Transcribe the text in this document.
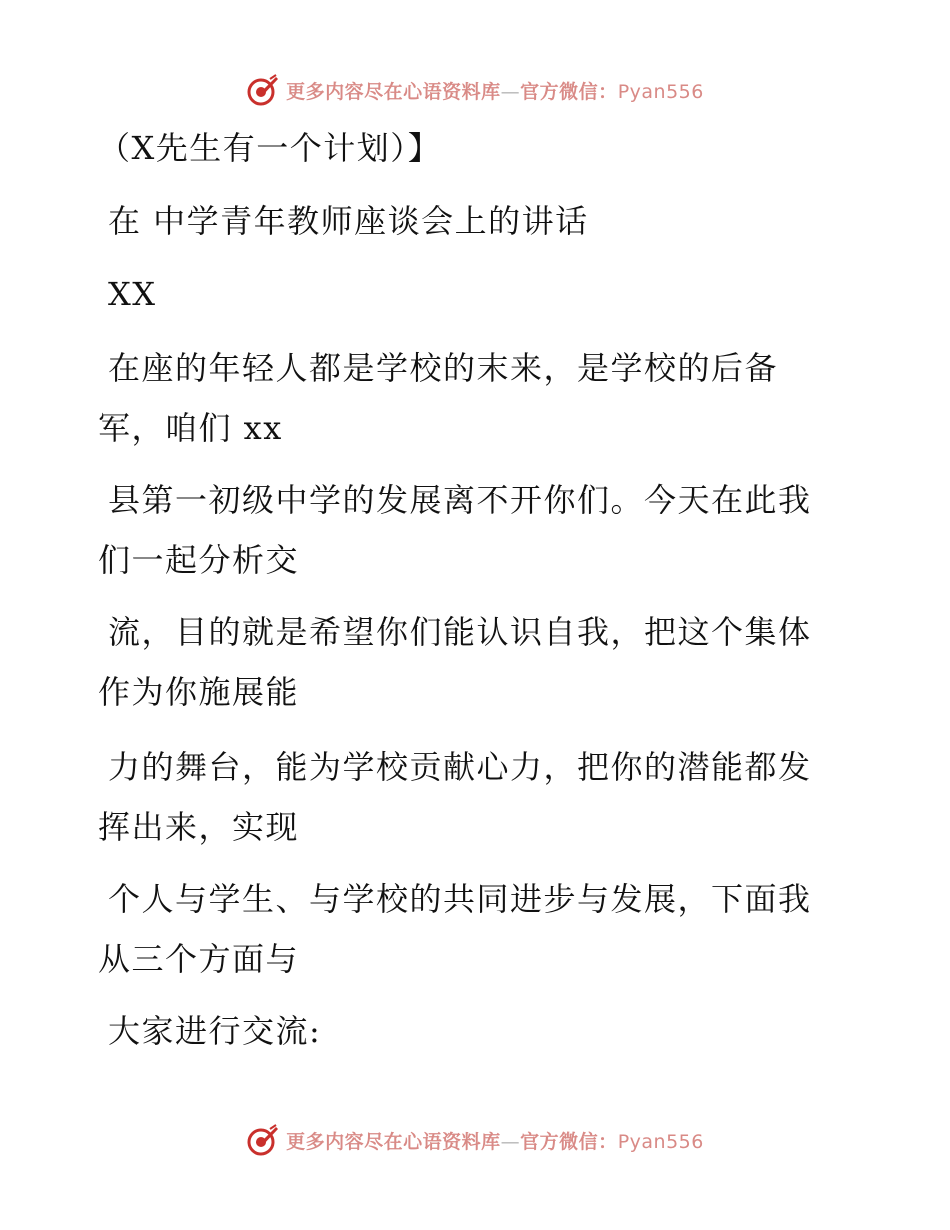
更多内容尽在心语资料库—官方微信：Pyan556
（X先生有一个计划）】
在 中学青年教师座谈会上的讲话
XX
在座的年轻人都是学校的末来，是学校的后备
军，咱们 xx
县第一初级中学的发展离不开你们。今天在此我
们一起分析交
流，目的就是希望你们能认识自我，把这个集体
作为你施展能
力的舞台，能为学校贡献心力，把你的潜能都发
挥出来，实现
个人与学生、与学校的共同进步与发展，下面我
从三个方面与
大家进行交流:
更多内容尽在心语资料库—官方微信：Pyan556
